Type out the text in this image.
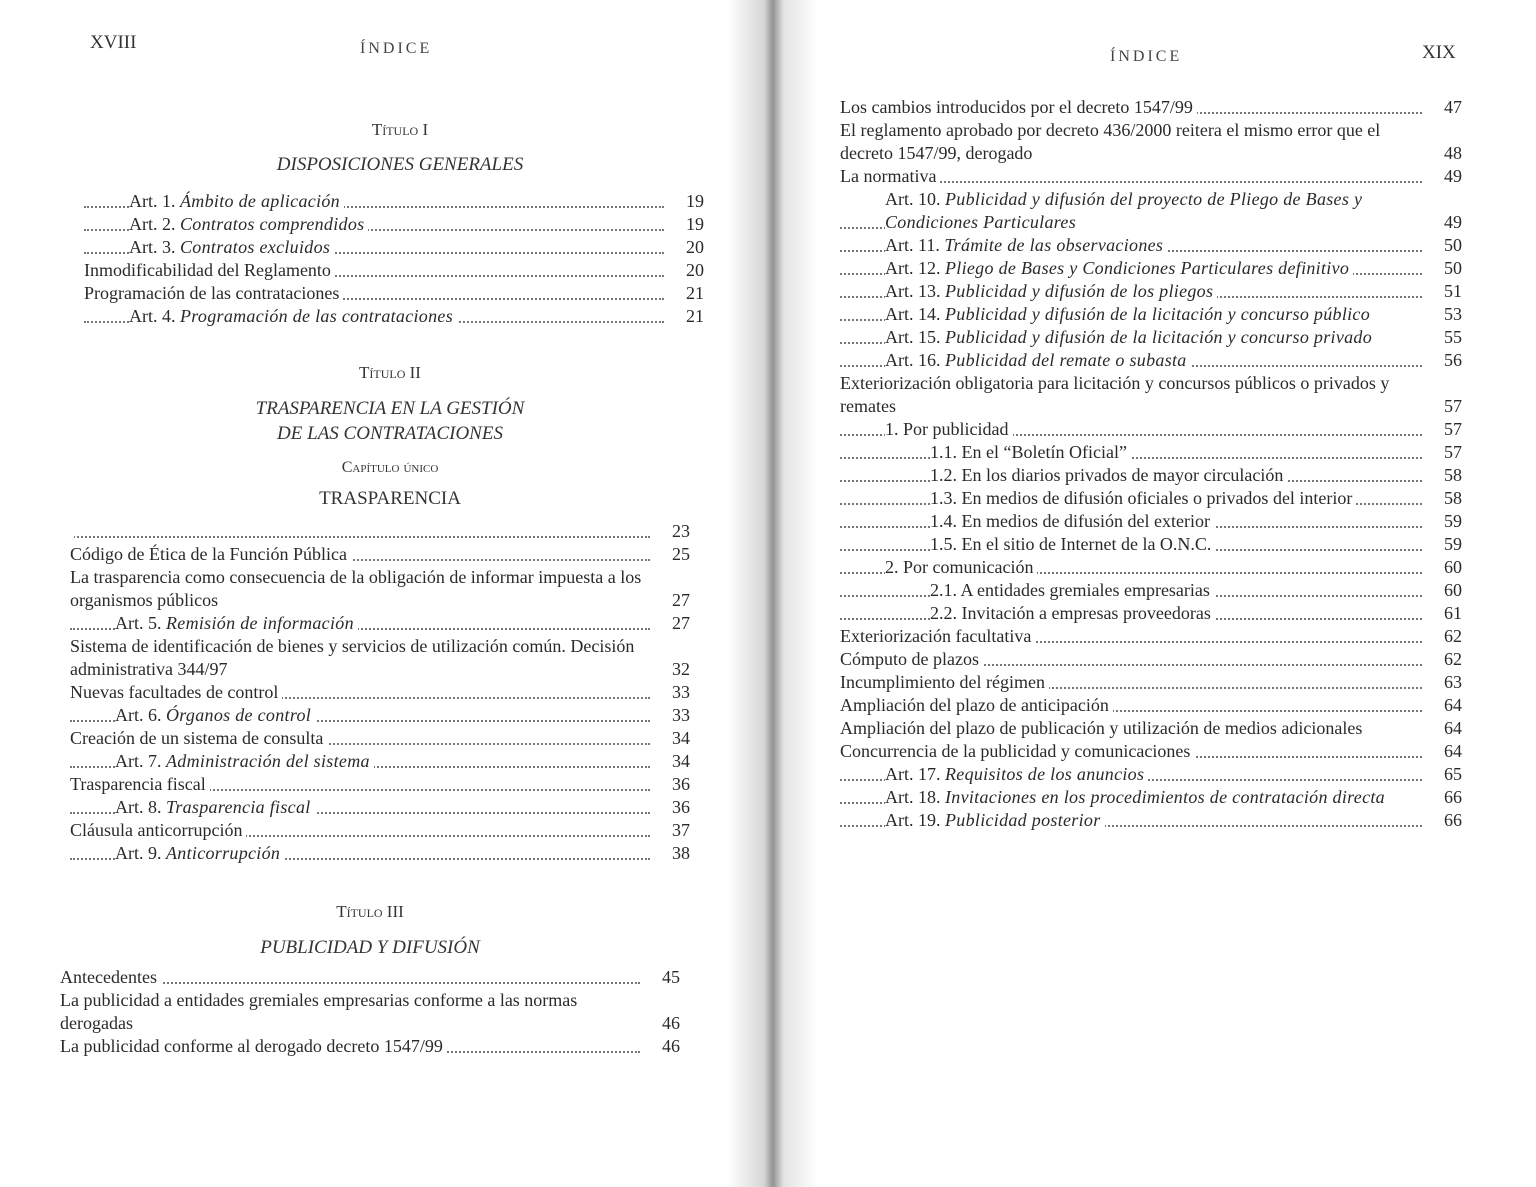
XVIII	ÍNDICE
Título I
DISPOSICIONES GENERALES
Art. 1. Ámbito de aplicación	19
Art. 2. Contratos comprendidos	19
Art. 3. Contratos excluidos	20
Inmodificabilidad del Reglamento	20
Programación de las contrataciones	21
Art. 4. Programación de las contrataciones	21
Título II
TRASPARENCIA EN LA GESTIÓN
DE LAS CONTRATACIONES
Capítulo único
TRASPARENCIA
23
Código de Ética de la Función Pública	25
La trasparencia como consecuencia de la obligación de informar impuesta a los organismos públicos	27
Art. 5. Remisión de información	27
Sistema de identificación de bienes y servicios de utilización común. Decisión administrativa 344/97	32
Nuevas facultades de control	33
Art. 6. Órganos de control	33
Creación de un sistema de consulta	34
Art. 7. Administración del sistema	34
Trasparencia fiscal	36
Art. 8. Trasparencia fiscal	36
Cláusula anticorrupción	37
Art. 9. Anticorrupción	38
Título III
PUBLICIDAD Y DIFUSIÓN
Antecedentes	45
La publicidad a entidades gremiales empresarias conforme a las normas derogadas	46
La publicidad conforme al derogado decreto 1547/99	46
ÍNDICE	XIX
Los cambios introducidos por el decreto 1547/99	47
El reglamento aprobado por decreto 436/2000 reitera el mismo error que el decreto 1547/99, derogado	48
La normativa	49
Art. 10. Publicidad y difusión del proyecto de Pliego de Bases y Condiciones Particulares	49
Art. 11. Trámite de las observaciones	50
Art. 12. Pliego de Bases y Condiciones Particulares definitivo	50
Art. 13. Publicidad y difusión de los pliegos	51
Art. 14. Publicidad y difusión de la licitación y concurso público	53
Art. 15. Publicidad y difusión de la licitación y concurso privado	55
Art. 16. Publicidad del remate o subasta	56
Exteriorización obligatoria para licitación y concursos públicos o privados y remates	57
1. Por publicidad	57
1.1. En el “Boletín Oficial”	57
1.2. En los diarios privados de mayor circulación	58
1.3. En medios de difusión oficiales o privados del interior	58
1.4. En medios de difusión del exterior	59
1.5. En el sitio de Internet de la O.N.C.	59
2. Por comunicación	60
2.1. A entidades gremiales empresarias	60
2.2. Invitación a empresas proveedoras	61
Exteriorización facultativa	62
Cómputo de plazos	62
Incumplimiento del régimen	63
Ampliación del plazo de anticipación	64
Ampliación del plazo de publicación y utilización de medios adicionales	64
Concurrencia de la publicidad y comunicaciones	64
Art. 17. Requisitos de los anuncios	65
Art. 18. Invitaciones en los procedimientos de contratación directa	66
Art. 19. Publicidad posterior	66
